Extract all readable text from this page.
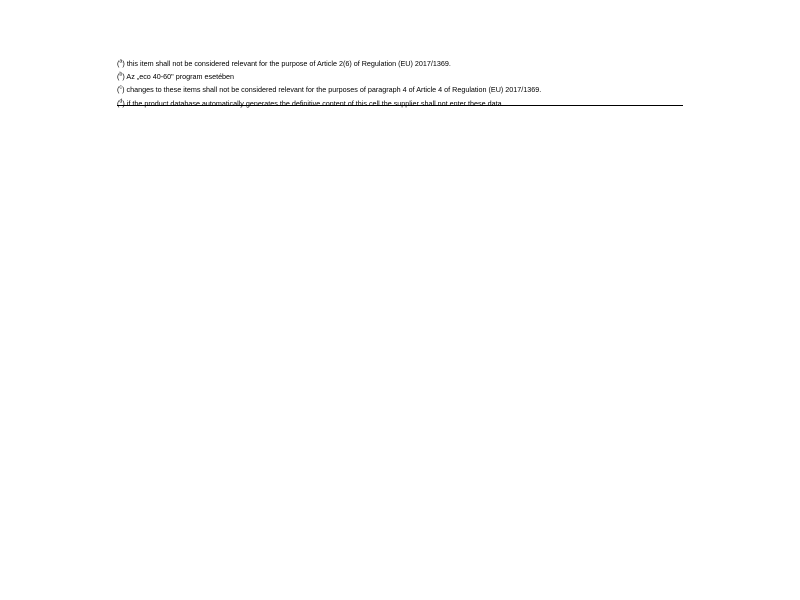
($^a$) this item shall not be considered relevant for the purpose of Article 2(6) of Regulation (EU) 2017/1369.
($^b$) Az „eco 40-60" program esetében
($^c$) changes to these items shall not be considered relevant for the purposes of paragraph 4 of Article 4 of Regulation (EU) 2017/1369.
($^d$) if the product database automatically generates the definitive content of this cell the supplier shall not enter these data.
